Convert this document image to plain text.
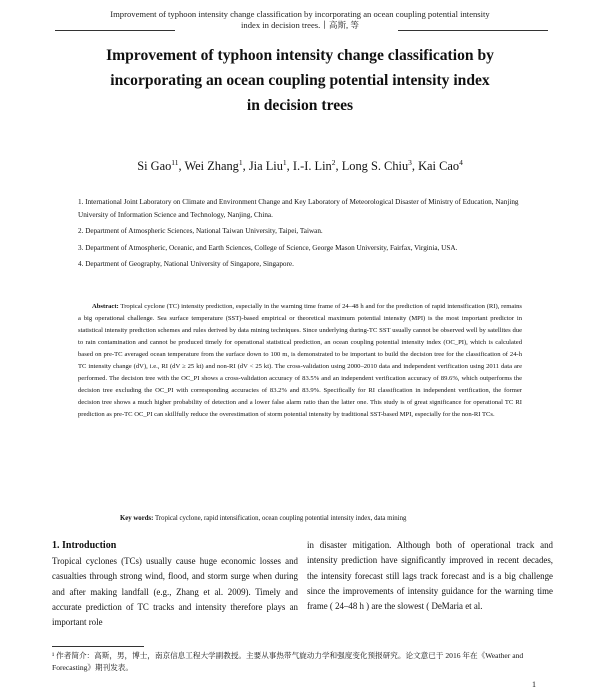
Improvement of typhoon intensity change classification by incorporating an ocean coupling potential intensity
index in decision trees.丨高斯, 等
Improvement of typhoon intensity change classification by
incorporating an ocean coupling potential intensity index
in decision trees
Si Gao$^{11}$, Wei Zhang$^1$, Jia Liu$^1$, I.-I. Lin$^2$, Long S. Chiu$^3$, Kai Cao$^4$

1. International Joint Laboratory on Climate and Environment Change and Key Laboratory of Meteorological Disaster of Ministry of Education, Nanjing University of Information Science and Technology, Nanjing, China.

2. Department of Atmospheric Sciences, National Taiwan University, Taipei, Taiwan.

3. Department of Atmospheric, Oceanic, and Earth Sciences, College of Science, George Mason University, Fairfax, Virginia, USA.

4. Department of Geography, National University of Singapore, Singapore.

Abstract: Tropical cyclone (TC) intensity prediction, especially in the warning time frame of 24–48 h and for the prediction of rapid intensification (RI), remains a big operational challenge. Sea surface temperature (SST)-based empirical or theoretical maximum potential intensity (MPI) is the most important predictor in statistical intensity prediction schemes and rules derived by data mining techniques. Since underlying during-TC SST usually cannot be observed well by satellites due to rain contamination and cannot be produced timely for operational statistical prediction, an ocean coupling potential intensity index (OC_PI), which is calculated based on pre-TC averaged ocean temperature from the surface down to 100 m, is demonstrated to be important to build the decision tree for the classification of 24-h TC intensity change (dV), i.e., RI (dV ≥ 25 kt) and non-RI (dV < 25 kt). The cross-validation using 2000–2010 data and independent verification using 2011 data are performed. The decision tree with the OC_PI shows a cross-validation accuracy of 83.5% and an independent verification accuracy of 89.6%, which outperforms the decision tree excluding the OC_PI with corresponding accuracies of 83.2% and 83.9%. Specifically for RI classification in independent verification, the former decision tree shows a much higher probability of detection and a lower false alarm ratio than the latter one. This study is of great significance for operational TC RI prediction as pre-TC OC_PI can skillfully reduce the overestimation of storm potential intensity by traditional SST-based MPI, especially for the non-RI TCs.

Key words: Tropical cyclone, rapid intensification, ocean coupling potential intensity index, data mining
1. Introduction

Tropical cyclones (TCs) usually cause huge economic losses and casualties through strong wind, flood, and storm surge when during and after making landfall (e.g., Zhang et al. 2009). Timely and accurate prediction of TC tracks and intensity therefore plays an important role

in disaster mitigation. Although both of operational track and intensity prediction have significantly improved in recent decades, the intensity forecast still lags track forecast and is a big challenge since the improvements of intensity guidance for the warning time frame ( 24–48 h ) are the slowest ( DeMaria et al.

¹ 作者简介：高斯，男，博士，南京信息工程大学副教授。主要从事热带气旋动力学和强度变化预报研究。论文意已于 2016 年在《Weather and Forecasting》期刊发表。

1
